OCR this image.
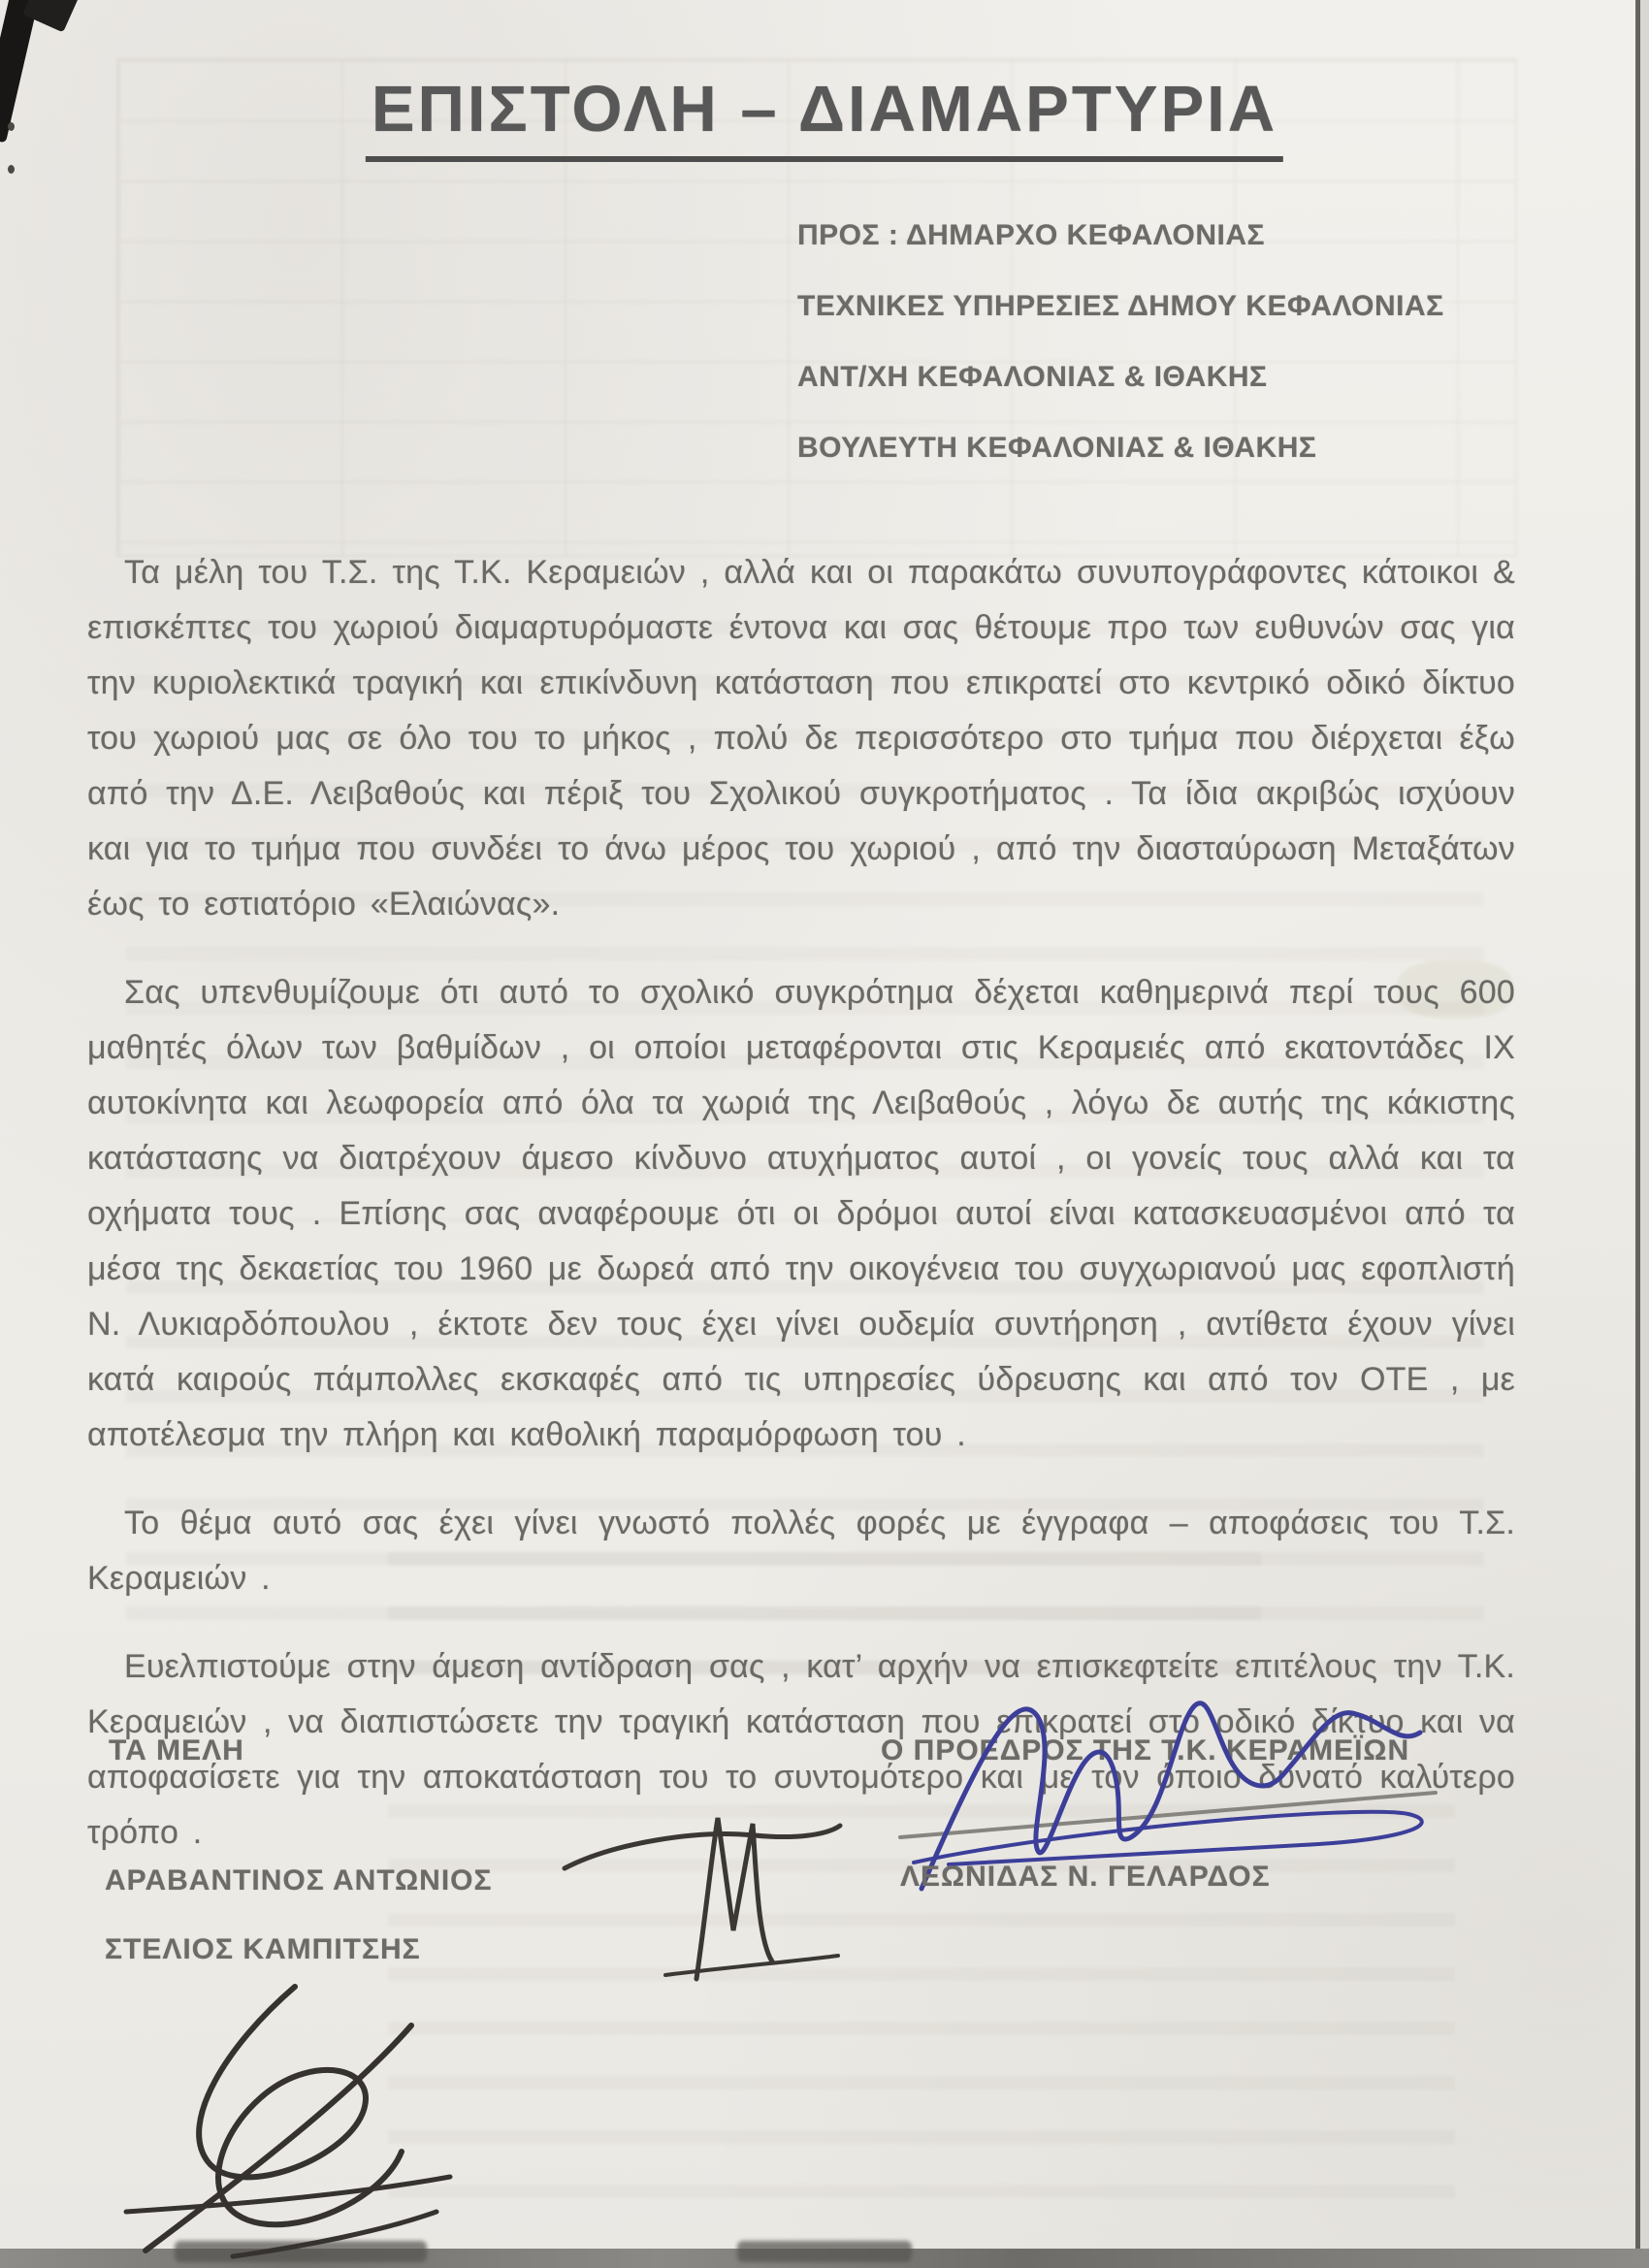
ΕΠΙΣΤΟΛΗ – ΔΙΑΜΑΡΤΥΡΙΑ
ΠΡΟΣ : ΔΗΜΑΡΧΟ ΚΕΦΑΛΟΝΙΑΣ
ΤΕΧΝΙΚΕΣ ΥΠΗΡΕΣΙΕΣ ΔΗΜΟΥ ΚΕΦΑΛΟΝΙΑΣ
ΑΝΤ/ΧΗ ΚΕΦΑΛΟΝΙΑΣ & ΙΘΑΚΗΣ
ΒΟΥΛΕΥΤΗ ΚΕΦΑΛΟΝΙΑΣ & ΙΘΑΚΗΣ

Τα μέλη του Τ.Σ. της Τ.Κ. Κεραμειών , αλλά και οι παρακάτω συνυπογράφοντες κάτοικοι & επισκέπτες του χωριού διαμαρτυρόμαστε έντονα και σας θέτουμε προ των ευθυνών σας για την κυριολεκτικά τραγική και επικίνδυνη κατάσταση που επικρατεί στο κεντρικό οδικό δίκτυο του χωριού μας σε όλο του το μήκος , πολύ δε περισσότερο στο τμήμα που διέρχεται έξω από την Δ.Ε. Λειβαθούς και πέριξ του Σχολικού συγκροτήματος . Τα ίδια ακριβώς ισχύουν και για το τμήμα που συνδέει το άνω μέρος του χωριού , από την διασταύρωση Μεταξάτων έως το εστιατόριο «Ελαιώνας».

Σας υπενθυμίζουμε ότι αυτό το σχολικό συγκρότημα δέχεται καθημερινά περί τους 600 μαθητές όλων των βαθμίδων , οι οποίοι μεταφέρονται στις Κεραμειές από εκατοντάδες ΙΧ αυτοκίνητα και λεωφορεία από όλα τα χωριά της Λειβαθούς , λόγω δε αυτής της κάκιστης κατάστασης να διατρέχουν άμεσο κίνδυνο ατυχήματος αυτοί , οι γονείς τους αλλά και τα οχήματα τους . Επίσης σας αναφέρουμε ότι οι δρόμοι αυτοί είναι κατασκευασμένοι από τα μέσα της δεκαετίας του 1960 με δωρεά από την οικογένεια του συγχωριανού μας εφοπλιστή Ν. Λυκιαρδόπουλου , έκτοτε δεν τους έχει γίνει ουδεμία συντήρηση , αντίθετα έχουν γίνει κατά καιρούς πάμπολλες εκσκαφές από τις υπηρεσίες ύδρευσης και από τον ΟΤΕ , με αποτέλεσμα την πλήρη και καθολική παραμόρφωση του .

Το θέμα αυτό σας έχει γίνει γνωστό πολλές φορές με έγγραφα – αποφάσεις του Τ.Σ. Κεραμειών .

Ευελπιστούμε στην άμεση αντίδραση σας , κατ’ αρχήν να επισκεφτείτε επιτέλους την Τ.Κ. Κεραμειών , να διαπιστώσετε την τραγική κατάσταση που επικρατεί στο οδικό δίκτυο και να αποφασίσετε για την αποκατάσταση του το συντομότερο και με τον όποιο δυνατό καλύτερο τρόπο .

ΤΑ ΜΕΛΗ	Ο ΠΡΟΕΔΡΟΣ ΤΗΣ Τ.Κ. ΚΕΡΑΜΕΪΩΝ
ΑΡΑΒΑΝΤΙΝΟΣ ΑΝΤΩΝΙΟΣ
ΣΤΕΛΙΟΣ ΚΑΜΠΙΤΣΗΣ
ΛΕΩΝΙΔΑΣ Ν. ΓΕΛΑΡΔΟΣ
